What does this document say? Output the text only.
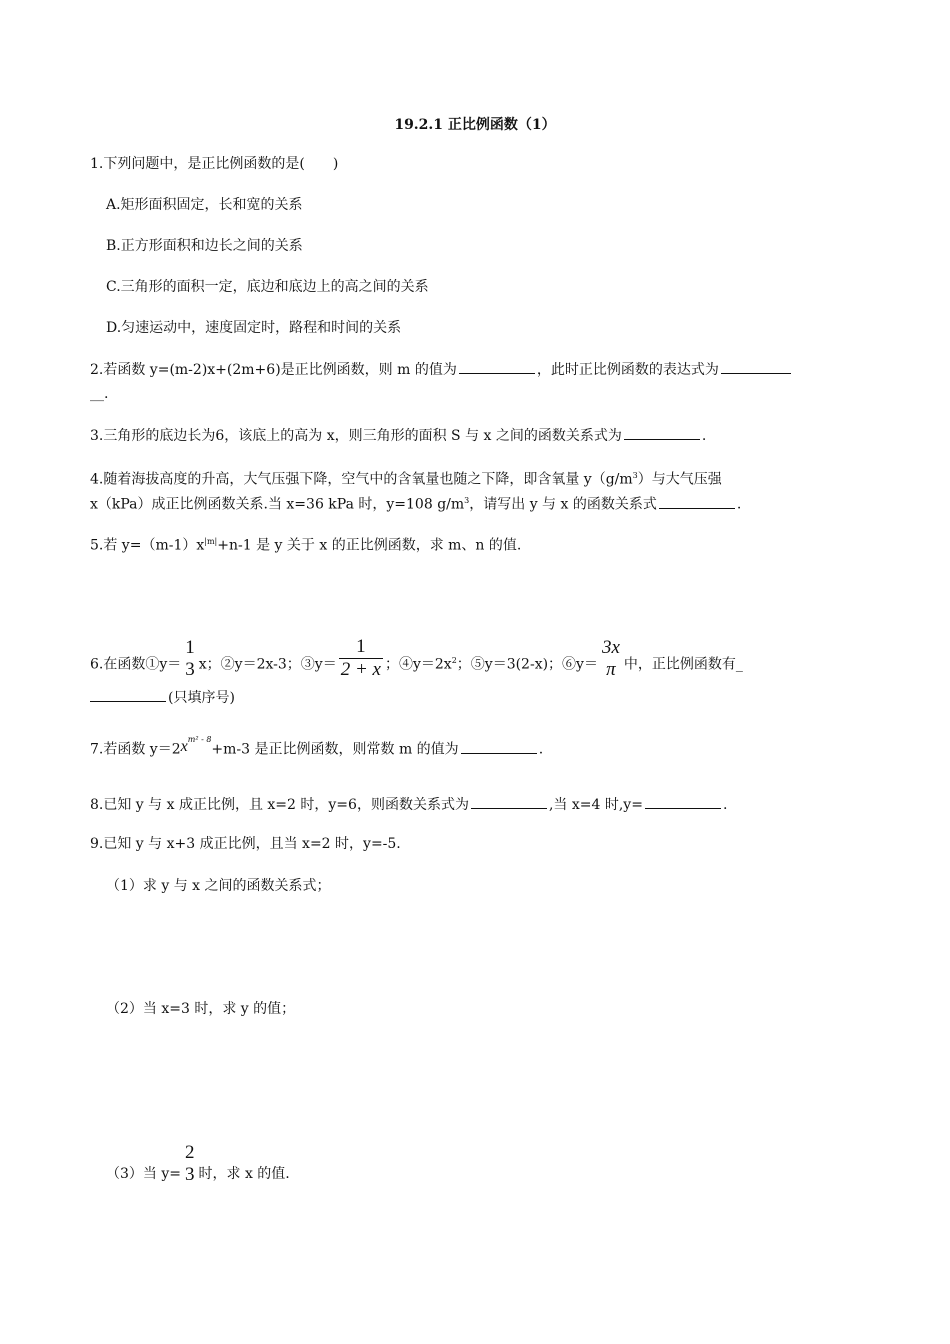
19.2.1 正比例函数（1）
1.下列问题中，是正比例函数的是(　　)
A.矩形面积固定，长和宽的关系
B.正方形面积和边长之间的关系
C.三角形的面积一定，底边和底边上的高之间的关系
D.匀速运动中，速度固定时，路程和时间的关系
2.若函数 y=(m-2)x+(2m+6)是正比例函数，则 m 的值为	，此时正比例函数的表达式为
__.
3.三角形的底边长为6，该底上的高为 x，则三角形的面积 S 与 x 之间的函数关系式为	.
4.随着海拔高度的升高，大气压强下降，空气中的含氧量也随之下降，即含氧量 $y(g/m^3)$与大气压强
x（kPa）成正比例函数关系.当 x=36 kPa 时，y=108 $g/m^3$，请写出 y 与 x 的函数关系式	.
5.若 $y=(m-1)x^{|m|}+n-1$ 是 y 关于 x 的正比例函数，求 m、n 的值.
6.在函数①y＝
1
3 x；②y＝2x-3；③y＝ $\frac{1}{2 + x}$ ；$④y=2x^2$；⑤y＝3(2-x)；⑥y＝
3x
π 中，正比例函数有_
(只填序号)
7.若函数 $y=2x^{m^2 - 8}+m-3$ 是正比例函数，则常数 m 的值为	.
8.已知 y 与 x 成正比例，且 x=2 时，y=6，则函数关系式为	,当 x=4 时,y=	.
9.已知 y 与 x+3 成正比例，且当 x=2 时，y=-5.
（1）求 y 与 x 之间的函数关系式；
（2）当 x=3 时，求 y 的值；
（3）当 y=
2
3 时，求 x 的值.
